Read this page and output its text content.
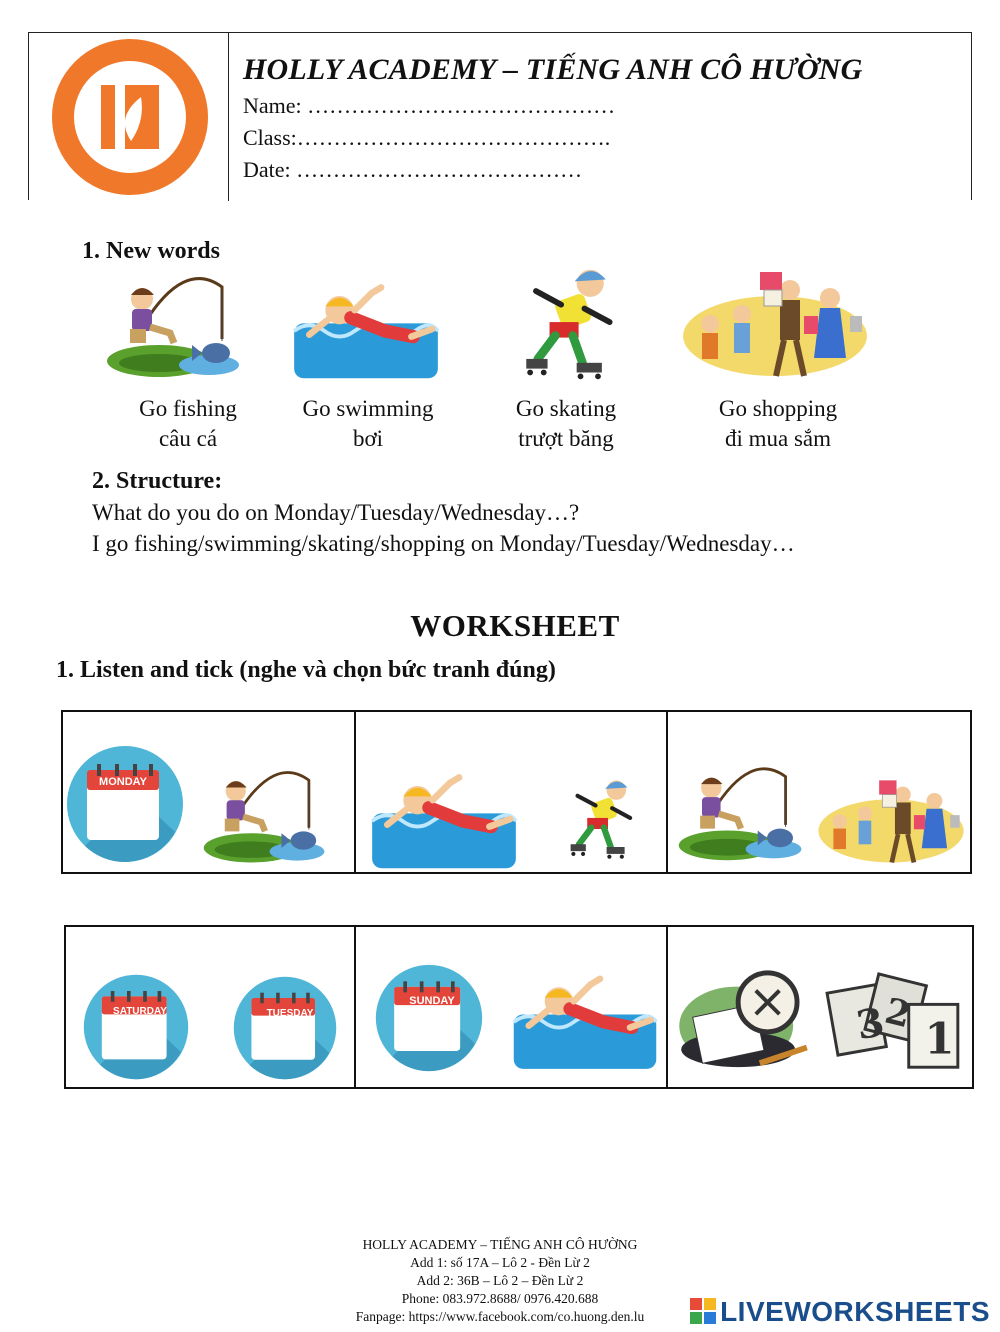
HOLLY ACADEMY – TIẾNG ANH CÔ HƯỜNG
Name: ……………………………………
Class:…………………………………….
Date: …………………………………
1. New words
Go fishing
câu cá
Go swimming
bơi
Go skating
trượt băng
Go shopping
đi mua sắm
2. Structure:
What do you do on Monday/Tuesday/Wednesday…?
I go fishing/swimming/skating/shopping on Monday/Tuesday/Wednesday…
WORKSHEET
1. Listen and tick (nghe và chọn bức tranh đúng)
MONDAY
SATURDAY	TUESDAY
SUNDAY
HOLLY ACADEMY – TIẾNG ANH CÔ HƯỜNG
Add 1: số 17A – Lô 2 - Đền Lừ 2
Add 2: 36B – Lô 2 – Đền Lừ 2
Phone: 083.972.8688/ 0976.420.688
Fanpage: https://www.facebook.com/co.huong.den.lu	LIVEWORKSHEETS
